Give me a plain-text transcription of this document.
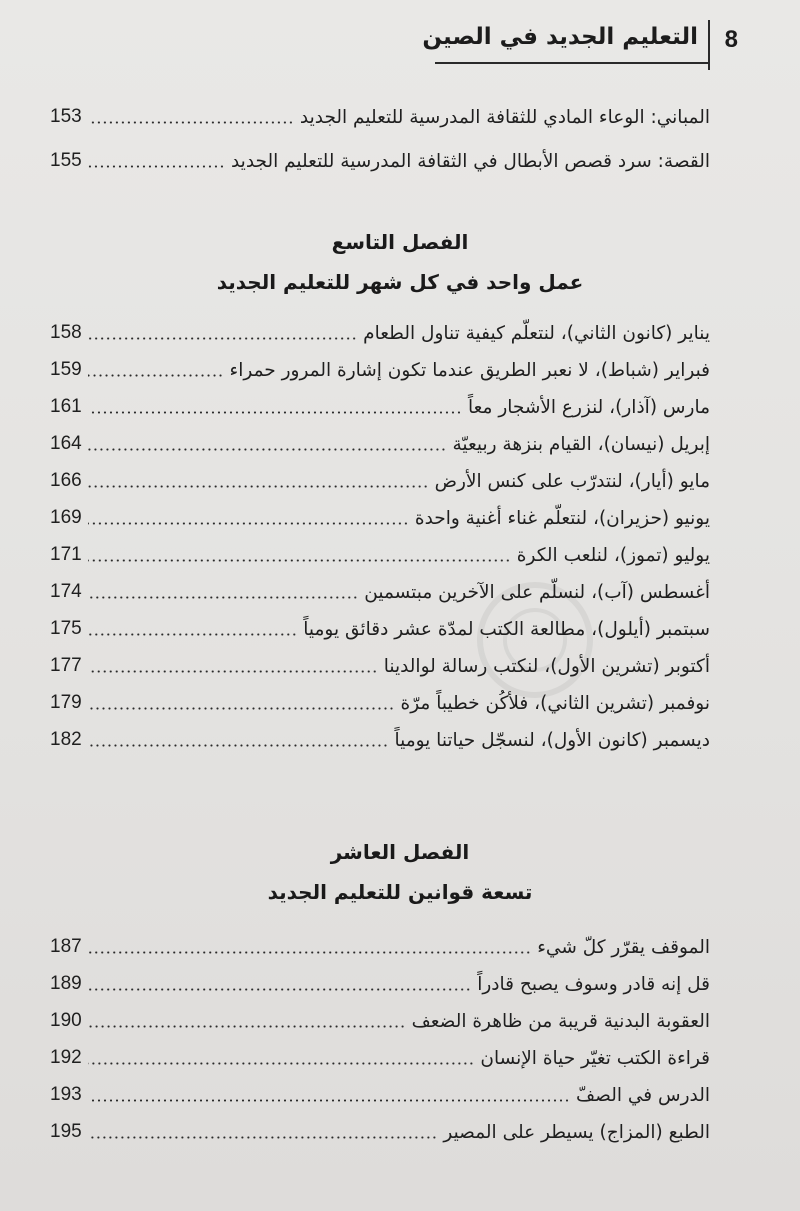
8
التعليم الجديد في الصين
المباني: الوعاء المادي للثقافة المدرسية للتعليم الجديد
153
القصة: سرد قصص الأبطال في الثقافة المدرسية للتعليم الجديد
155
الفصل التاسع
عمل واحد في كل شهر للتعليم الجديد
يناير (كانون الثاني)، لنتعلّم كيفية تناول الطعام
158
فبراير (شباط)، لا نعبر الطريق عندما تكون إشارة المرور حمراء
159
مارس (آذار)، لنزرع الأشجار معاً
161
إبريل (نيسان)، القيام بنزهة ربيعيّة
164
مايو (أيار)، لنتدرّب على كنس الأرض
166
يونيو (حزيران)، لنتعلّم غناء أغنية واحدة
169
يوليو (تموز)، لنلعب الكرة
171
أغسطس (آب)، لنسلّم على الآخرين مبتسمين
174
سبتمبر (أيلول)، مطالعة الكتب لمدّة عشر دقائق يومياً
175
أكتوبر (تشرين الأول)، لنكتب رسالة لوالدينا
177
نوفمبر (تشرين الثاني)، فلأكُن خطيباً مرّة
179
ديسمبر (كانون الأول)، لنسجّل حياتنا يومياً
182
الفصل العاشر
تسعة قوانين للتعليم الجديد
الموقف يقرّر كلّ شيء
187
قل إنه قادر وسوف يصبح قادراً
189
العقوبة البدنية قريبة من ظاهرة الضعف
190
قراءة الكتب تغيّر حياة الإنسان
192
الدرس في الصفّ
193
الطبع (المزاج) يسيطر على المصير
195
